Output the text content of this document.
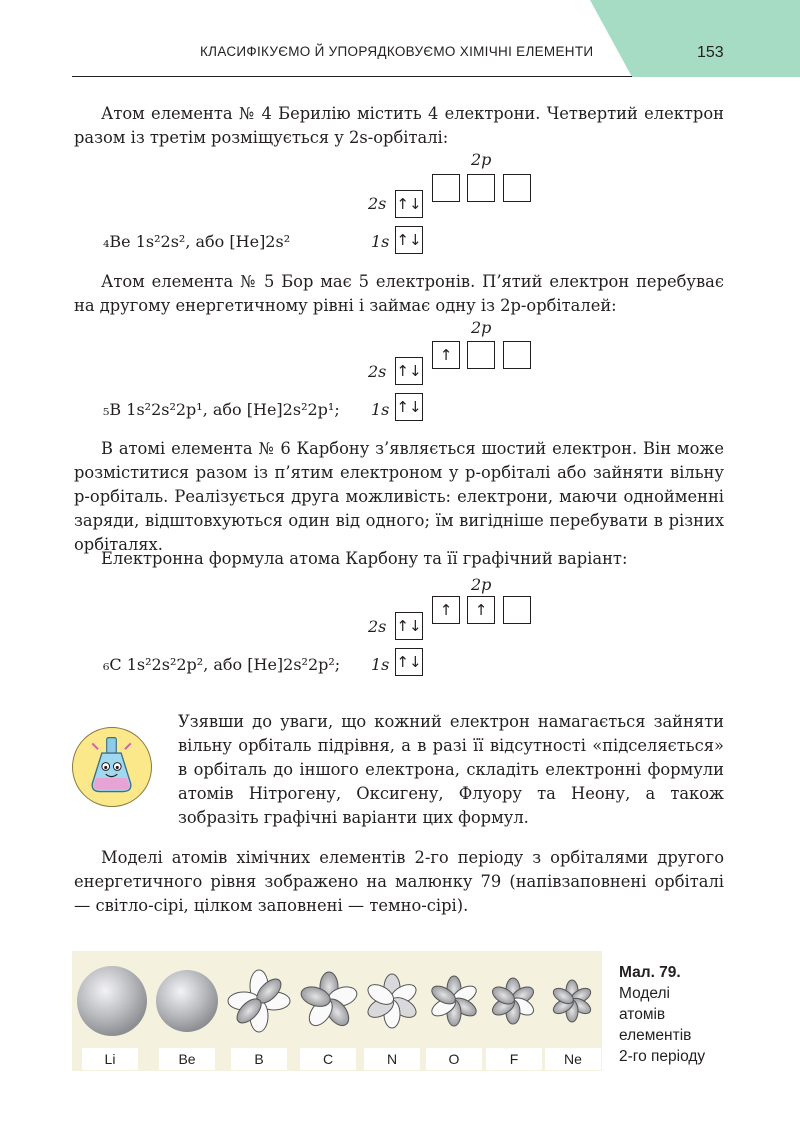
КЛАСИФІКУЄМО Й УПОРЯДКОВУЄМО ХІМІЧНІ ЕЛЕМЕНТИ	153
Атом елемента № 4 Берилію містить 4 електрони. Четвертий електрон разом із третім розміщується у 2s-орбіталі:
2p
2s ↑↓
1s ↑↓
₄Be 1s²2s², або [He]2s²
Атом елемента № 5 Бор має 5 електронів. П’ятий електрон перебуває на другому енергетичному рівні і займає одну із 2p-орбіталей:
2p
↑
2s ↑↓
1s ↑↓
₅B 1s²2s²2p¹, або [He]2s²2p¹;
В атомі елемента № 6 Карбону з’являється шостий електрон. Він може розміститися разом із п’ятим електроном у p-орбіталі або зайняти вільну p-орбіталь. Реалізується друга можливість: електрони, маючи однойменні заряди, відштовхуються один від одного; їм вигідніше перебувати в різних орбіталях.
Електронна формула атома Карбону та її графічний варіант:
2p
↑	↑
2s ↑↓
1s ↑↓
₆C 1s²2s²2p², або [He]2s²2p²;
Узявши до уваги, що кожний електрон намагається зайняти вільну орбіталь підрівня, а в разі її відсутності «підселяється» в орбіталь до іншого електрона, складіть електронні формули атомів Нітрогену, Оксигену, Флуору та Неону, а також зобразіть графічні варіанти цих формул.
Моделі атомів хімічних елементів 2-го періоду з орбіталями другого енергетичного рівня зображено на малюнку 79 (напівзаповнені орбіталі — світло-сірі, цілком заповнені — темно-сірі).
Li	Be	B	C	N	O	F	Ne
Мал. 79.
Моделі
атомів
елементів
2-го періоду
